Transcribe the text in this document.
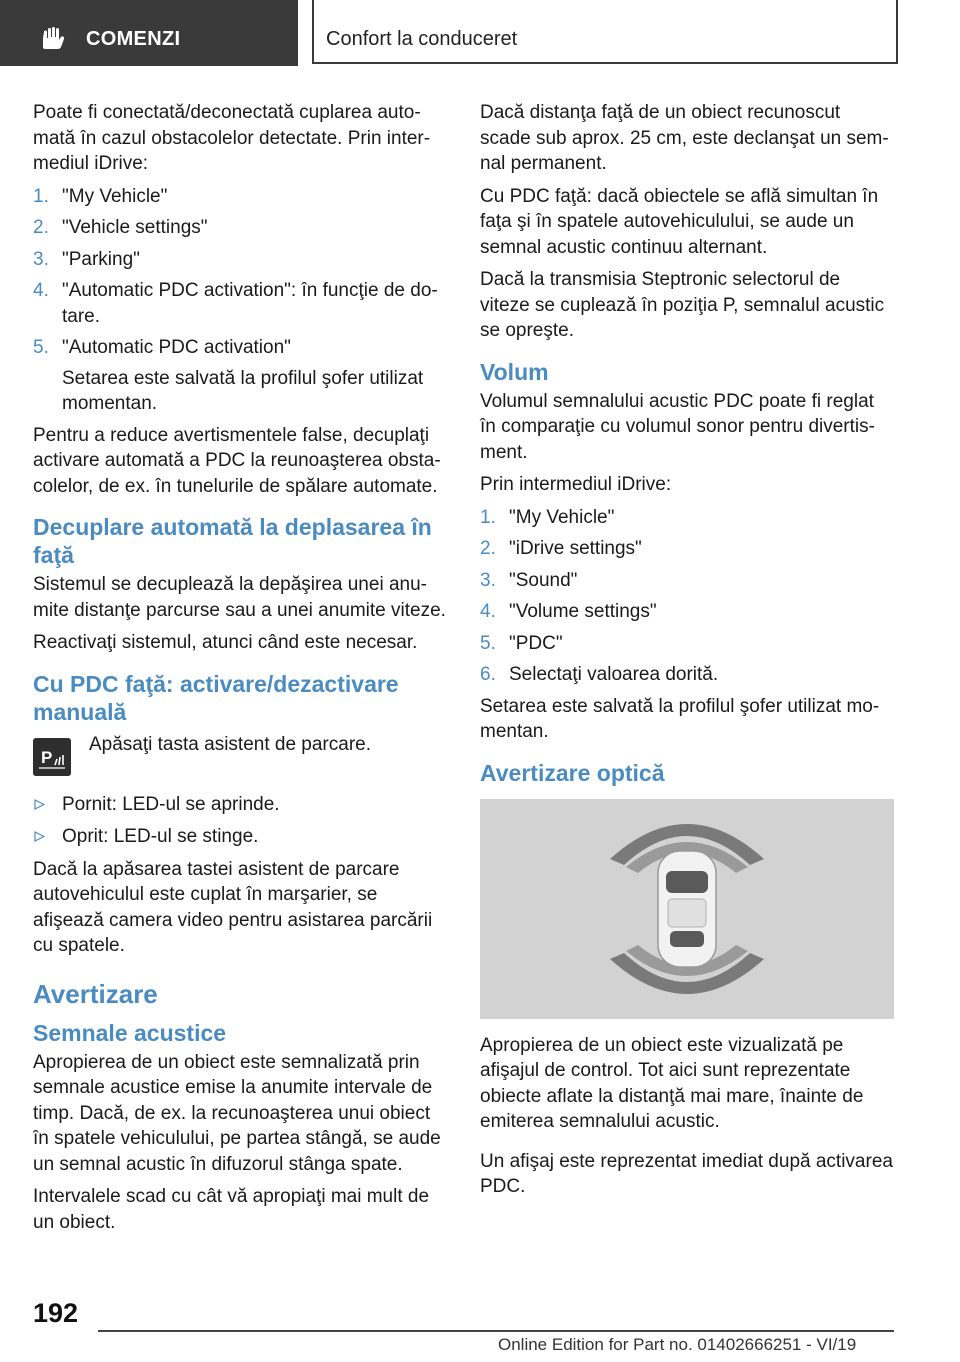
COMENZI	Confort la conduceret

Poate fi conectată/deconectată cuplarea automată în cazul obstacolelor detectate. Prin intermediul iDrive:

1. "My Vehicle"
2. "Vehicle settings"
3. "Parking"
4. "Automatic PDC activation": în funcţie de dotare.
5. "Automatic PDC activation"
Setarea este salvată la profilul şofer utilizat momentan.

Pentru a reduce avertismentele false, decuplaţi activare automată a PDC la reunoaşterea obstacolelor, de ex. în tunelurile de spălare automate.

Decuplare automată la deplasarea în faţă

Sistemul se decuplează la depăşirea unei anumite distanţe parcurse sau a unei anumite viteze.

Reactivaţi sistemul, atunci când este necesar.

Cu PDC faţă: activare/dezactivare manuală
P
Apăsaţi tasta asistent de parcare.
Pornit: LED-ul se aprinde.
Oprit: LED-ul se stinge.

Dacă la apăsarea tastei asistent de parcare autovehiculul este cuplat în marşarier, se afişează camera video pentru asistarea parcării cu spatele.

Avertizare
Semnale acustice

Apropierea de un obiect este semnalizată prin semnale acustice emise la anumite intervale de timp. Dacă, de ex. la recunoaşterea unui obiect în spatele vehiculului, pe partea stângă, se aude un semnal acustic în difuzorul stânga spate.

Intervalele scad cu cât vă apropiaţi mai mult de un obiect.

Dacă distanţa faţă de un obiect recunoscut scade sub aprox. 25 cm, este declanşat un semnal permanent.

Cu PDC faţă: dacă obiectele se află simultan în faţa şi în spatele autovehiculului, se aude un semnal acustic continuu alternant.

Dacă la transmisia Steptronic selectorul de viteze se cuplează în poziţia P, semnalul acustic se opreşte.

Volum

Volumul semnalului acustic PDC poate fi reglat în comparaţie cu volumul sonor pentru divertisment.

Prin intermediul iDrive:

1. "My Vehicle"
2. "iDrive settings"
3. "Sound"
4. "Volume settings"
5. "PDC"
6. Selectaţi valoarea dorită.

Setarea este salvată la profilul şofer utilizat momentan.

Avertizare optică

Apropierea de un obiect este vizualizată pe afişajul de control. Tot aici sunt reprezentate obiecte aflate la distanţă mai mare, înainte de emiterea semnalului acustic.

Un afişaj este reprezentat imediat după activarea PDC.

192
Online Edition for Part no. 01402666251 - VI/19
